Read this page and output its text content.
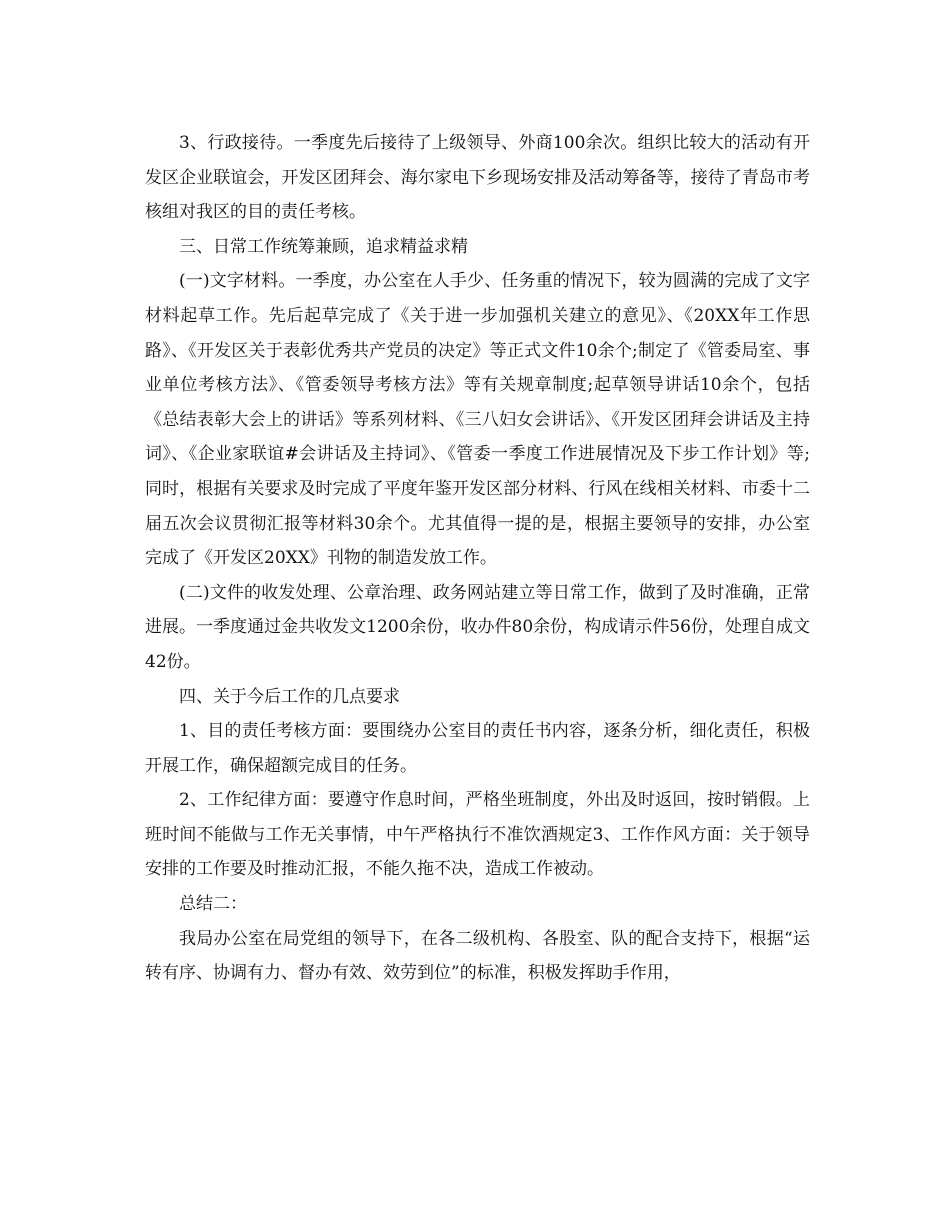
3、行政接待。一季度先后接待了上级领导、外商100余次。组织比较大的活动有开发区企业联谊会，开发区团拜会、海尔家电下乡现场安排及活动筹备等，接待了青岛市考核组对我区的目的责任考核。

三、日常工作统筹兼顾，追求精益求精

(一)文字材料。一季度，办公室在人手少、任务重的情况下，较为圆满的完成了文字材料起草工作。先后起草完成了《关于进一步加强机关建立的意见》、《20XX年工作思路》、《开发区关于表彰优秀共产党员的决定》等正式文件10余个;制定了《管委局室、事业单位考核方法》、《管委领导考核方法》等有关规章制度;起草领导讲话10余个，包括《总结表彰大会上的讲话》等系列材料、《三八妇女会讲话》、《开发区团拜会讲话及主持词》、《企业家联谊#会讲话及主持词》、《管委一季度工作进展情况及下步工作计划》等;同时，根据有关要求及时完成了平度年鉴开发区部分材料、行风在线相关材料、市委十二届五次会议贯彻汇报等材料30余个。尤其值得一提的是，根据主要领导的安排，办公室完成了《开发区20XX》刊物的制造发放工作。

(二)文件的收发处理、公章治理、政务网站建立等日常工作，做到了及时准确，正常进展。一季度通过金共收发文1200余份，收办件80余份，构成请示件56份，处理自成文42份。

四、关于今后工作的几点要求

1、目的责任考核方面：要围绕办公室目的责任书内容，逐条分析，细化责任，积极开展工作，确保超额完成目的任务。

2、工作纪律方面：要遵守作息时间，严格坐班制度，外出及时返回，按时销假。上班时间不能做与工作无关事情，中午严格执行不准饮酒规定3、工作作风方面：关于领导安排的工作要及时推动汇报，不能久拖不决，造成工作被动。

总结二：

我局办公室在局党组的领导下，在各二级机构、各股室、队的配合支持下，根据“运转有序、协调有力、督办有效、效劳到位”的标准，积极发挥助手作用，
